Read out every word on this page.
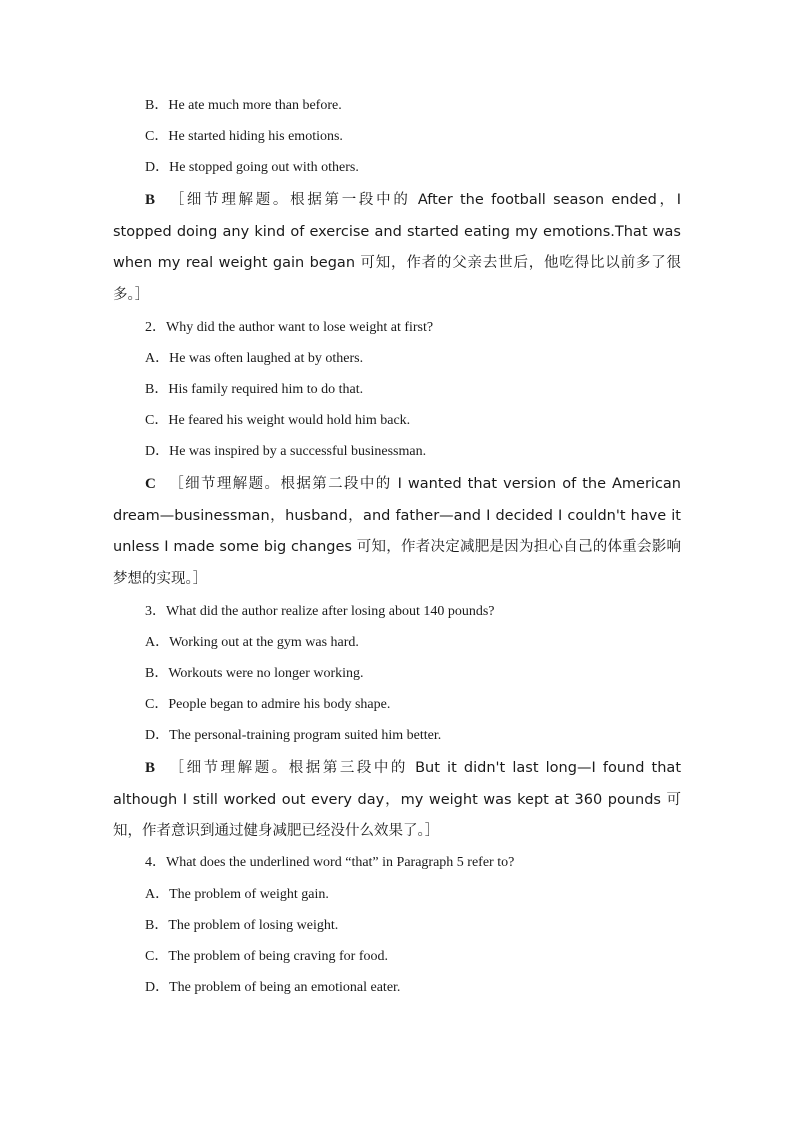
B．He ate much more than before.
C．He started hiding his emotions.
D．He stopped going out with others.
B ［细节理解题。根据第一段中的 After the football season ended，I stopped doing any kind of exercise and started eating my emotions.That was when my real weight gain began 可知，作者的父亲去世后，他吃得比以前多了很多。］
2．Why did the author want to lose weight at first?
A．He was often laughed at by others.
B．His family required him to do that.
C．He feared his weight would hold him back.
D．He was inspired by a successful businessman.
C ［细节理解题。根据第二段中的 I wanted that version of the American dream—businessman，husband，and father—and I decided I couldn't have it unless I made some big changes 可知，作者决定减肥是因为担心自己的体重会影响梦想的实现。］
3．What did the author realize after losing about 140 pounds?
A．Working out at the gym was hard.
B．Workouts were no longer working.
C．People began to admire his body shape.
D．The personal-training program suited him better.
B ［细节理解题。根据第三段中的 But it didn't last long—I found that although I still worked out every day，my weight was kept at 360 pounds 可知，作者意识到通过健身减肥已经没什么效果了。］
4．What does the underlined word “that” in Paragraph 5 refer to?
A．The problem of weight gain.
B．The problem of losing weight.
C．The problem of being craving for food.
D．The problem of being an emotional eater.
